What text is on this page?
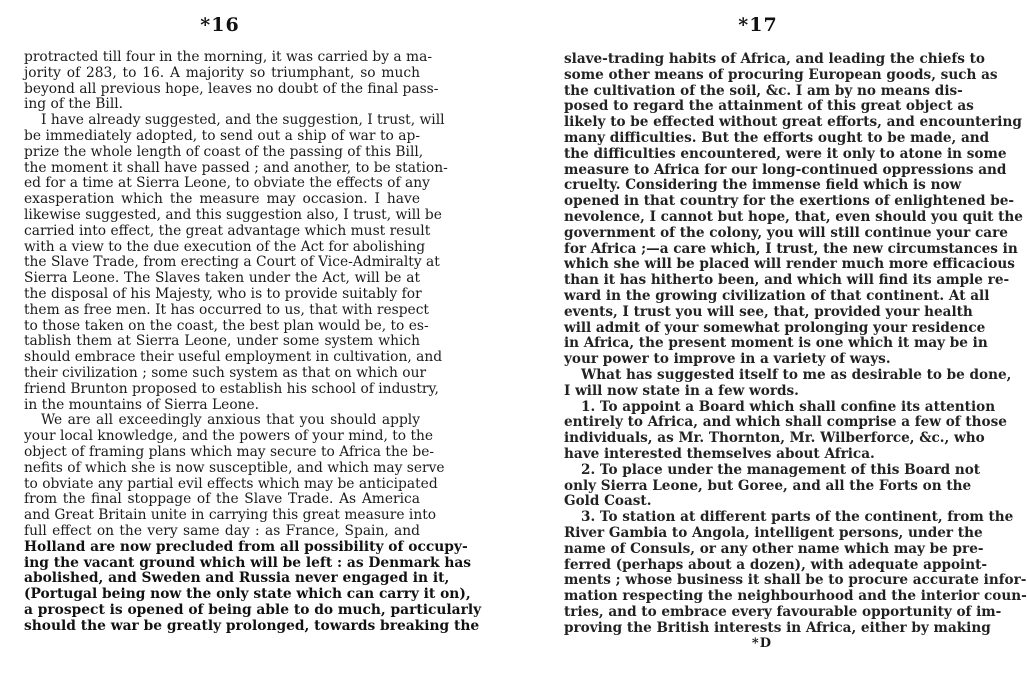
*16
protracted till four in the morning, it was carried by a ma-
jority of 283, to 16. A majority so triumphant, so much
beyond all previous hope, leaves no doubt of the final pass-
ing of the Bill.
I have already suggested, and the suggestion, I trust, will
be immediately adopted, to send out a ship of war to ap-
prize the whole length of coast of the passing of this Bill,
the moment it shall have passed ; and another, to be station-
ed for a time at Sierra Leone, to obviate the effects of any
exasperation which the measure may occasion. I have
likewise suggested, and this suggestion also, I trust, will be
carried into effect, the great advantage which must result
with a view to the due execution of the Act for abolishing
the Slave Trade, from erecting a Court of Vice-Admiralty at
Sierra Leone. The Slaves taken under the Act, will be at
the disposal of his Majesty, who is to provide suitably for
them as free men. It has occurred to us, that with respect
to those taken on the coast, the best plan would be, to es-
tablish them at Sierra Leone, under some system which
should embrace their useful employment in cultivation, and
their civilization ; some such system as that on which our
friend Brunton proposed to establish his school of industry,
in the mountains of Sierra Leone.
We are all exceedingly anxious that you should apply
your local knowledge, and the powers of your mind, to the
object of framing plans which may secure to Africa the be-
nefits of which she is now susceptible, and which may serve
to obviate any partial evil effects which may be anticipated
from the final stoppage of the Slave Trade. As America
and Great Britain unite in carrying this great measure into
full effect on the very same day : as France, Spain, and
Holland are now precluded from all possibility of occupy-
ing the vacant ground which will be left : as Denmark has
abolished, and Sweden and Russia never engaged in it,
(Portugal being now the only state which can carry it on),
a prospect is opened of being able to do much, particularly
should the war be greatly prolonged, towards breaking the
*17
slave-trading habits of Africa, and leading the chiefs to
some other means of procuring European goods, such as
the cultivation of the soil, &c. I am by no means dis-
posed to regard the attainment of this great object as
likely to be effected without great efforts, and encountering
many difficulties. But the efforts ought to be made, and
the difficulties encountered, were it only to atone in some
measure to Africa for our long-continued oppressions and
cruelty. Considering the immense field which is now
opened in that country for the exertions of enlightened be-
nevolence, I cannot but hope, that, even should you quit the
government of the colony, you will still continue your care
for Africa ;—a care which, I trust, the new circumstances in
which she will be placed will render much more efficacious
than it has hitherto been, and which will find its ample re-
ward in the growing civilization of that continent. At all
events, I trust you will see, that, provided your health
will admit of your somewhat prolonging your residence
in Africa, the present moment is one which it may be in
your power to improve in a variety of ways.
What has suggested itself to me as desirable to be done,
I will now state in a few words.
1. To appoint a Board which shall confine its attention
entirely to Africa, and which shall comprise a few of those
individuals, as Mr. Thornton, Mr. Wilberforce, &c., who
have interested themselves about Africa.
2. To place under the management of this Board not
only Sierra Leone, but Goree, and all the Forts on the
Gold Coast.
3. To station at different parts of the continent, from the
River Gambia to Angola, intelligent persons, under the
name of Consuls, or any other name which may be pre-
ferred (perhaps about a dozen), with adequate appoint-
ments ; whose business it shall be to procure accurate infor-
mation respecting the neighbourhood and the interior coun-
tries, and to embrace every favourable opportunity of im-
proving the British interests in Africa, either by making

*D
